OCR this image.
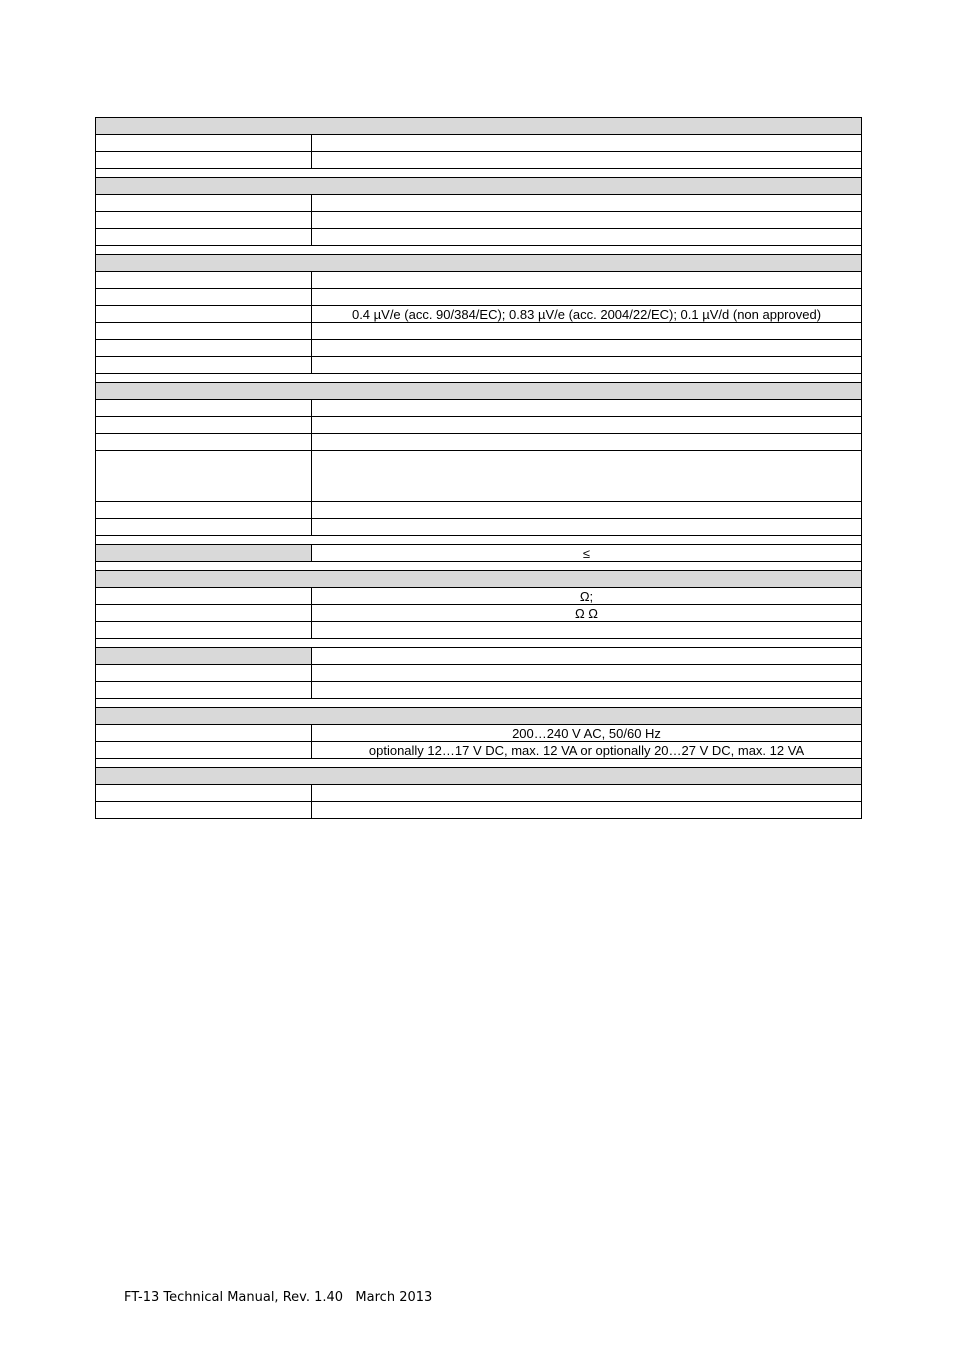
	0.4 µV/e (acc. 90/384/EC); 0.83 µV/e (acc. 2004/22/EC); 0.1 µV/d (non approved)

	≤

	Ω;
	Ω Ω

	200…240 V AC, 50/60 Hz
	optionally 12…17 V DC, max. 12 VA or optionally 20…27 V DC, max. 12 VA

FT-13 Technical Manual, Rev. 1.40   March 2013
